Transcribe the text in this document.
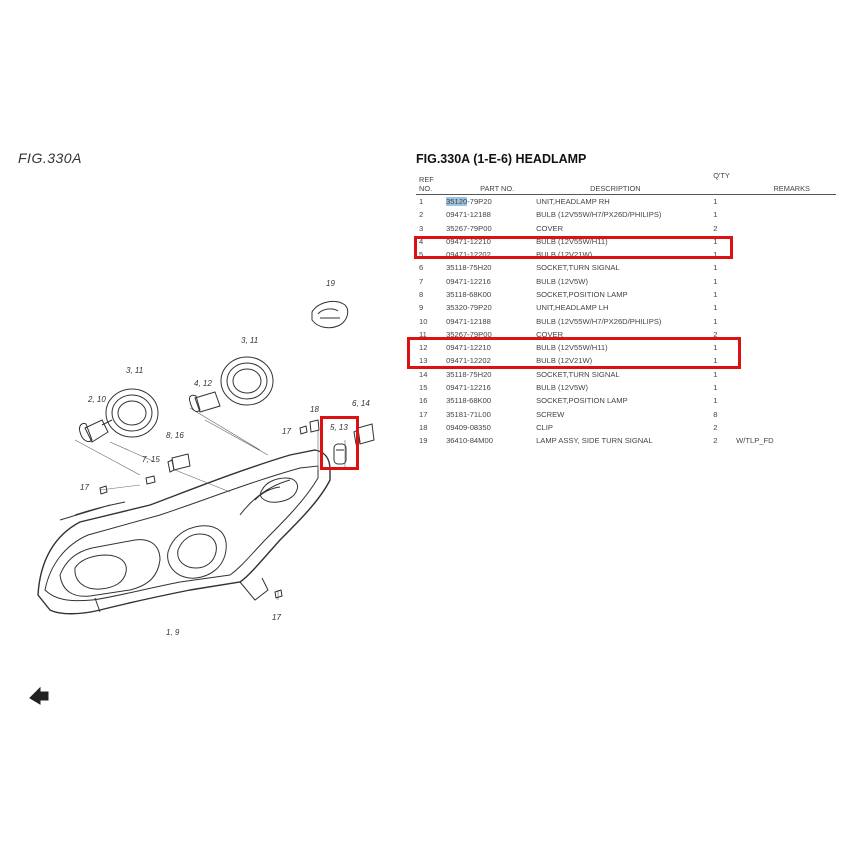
FIG.330A
19
3, 11
3, 11
4, 12
2, 10
8, 16
7, 15
17
17
17
18
5, 13
6, 14
1, 9
FIG.330A (1-E-6) HEADLAMP
REF NO.	PART NO.	DESCRIPTION	Q'TY	REMARKS
1	35120-79P20	UNIT,HEADLAMP RH	1	
2	09471-12188	BULB (12V55W/H7/PX26D/PHILIPS)	1	
3	35267-79P00	COVER	2	
4	09471-12210	BULB (12V55W/H11)	1	
5	09471-12202	BULB (12V21W)	1	
6	35118-75H20	SOCKET,TURN SIGNAL	1	
7	09471-12216	BULB (12V5W)	1	
8	35118-68K00	SOCKET,POSITION LAMP	1	
9	35320-79P20	UNIT,HEADLAMP LH	1	
10	09471-12188	BULB (12V55W/H7/PX26D/PHILIPS)	1	
11	35267-79P00	COVER	2	
12	09471-12210	BULB (12V55W/H11)	1	
13	09471-12202	BULB (12V21W)	1	
14	35118-75H20	SOCKET,TURN SIGNAL	1	
15	09471-12216	BULB (12V5W)	1	
16	35118-68K00	SOCKET,POSITION LAMP	1	
17	35181-71L00	SCREW	8	
18	09409-08350	CLIP	2	
19	36410-84M00	LAMP ASSY, SIDE TURN SIGNAL	2	W/TLP_FD
